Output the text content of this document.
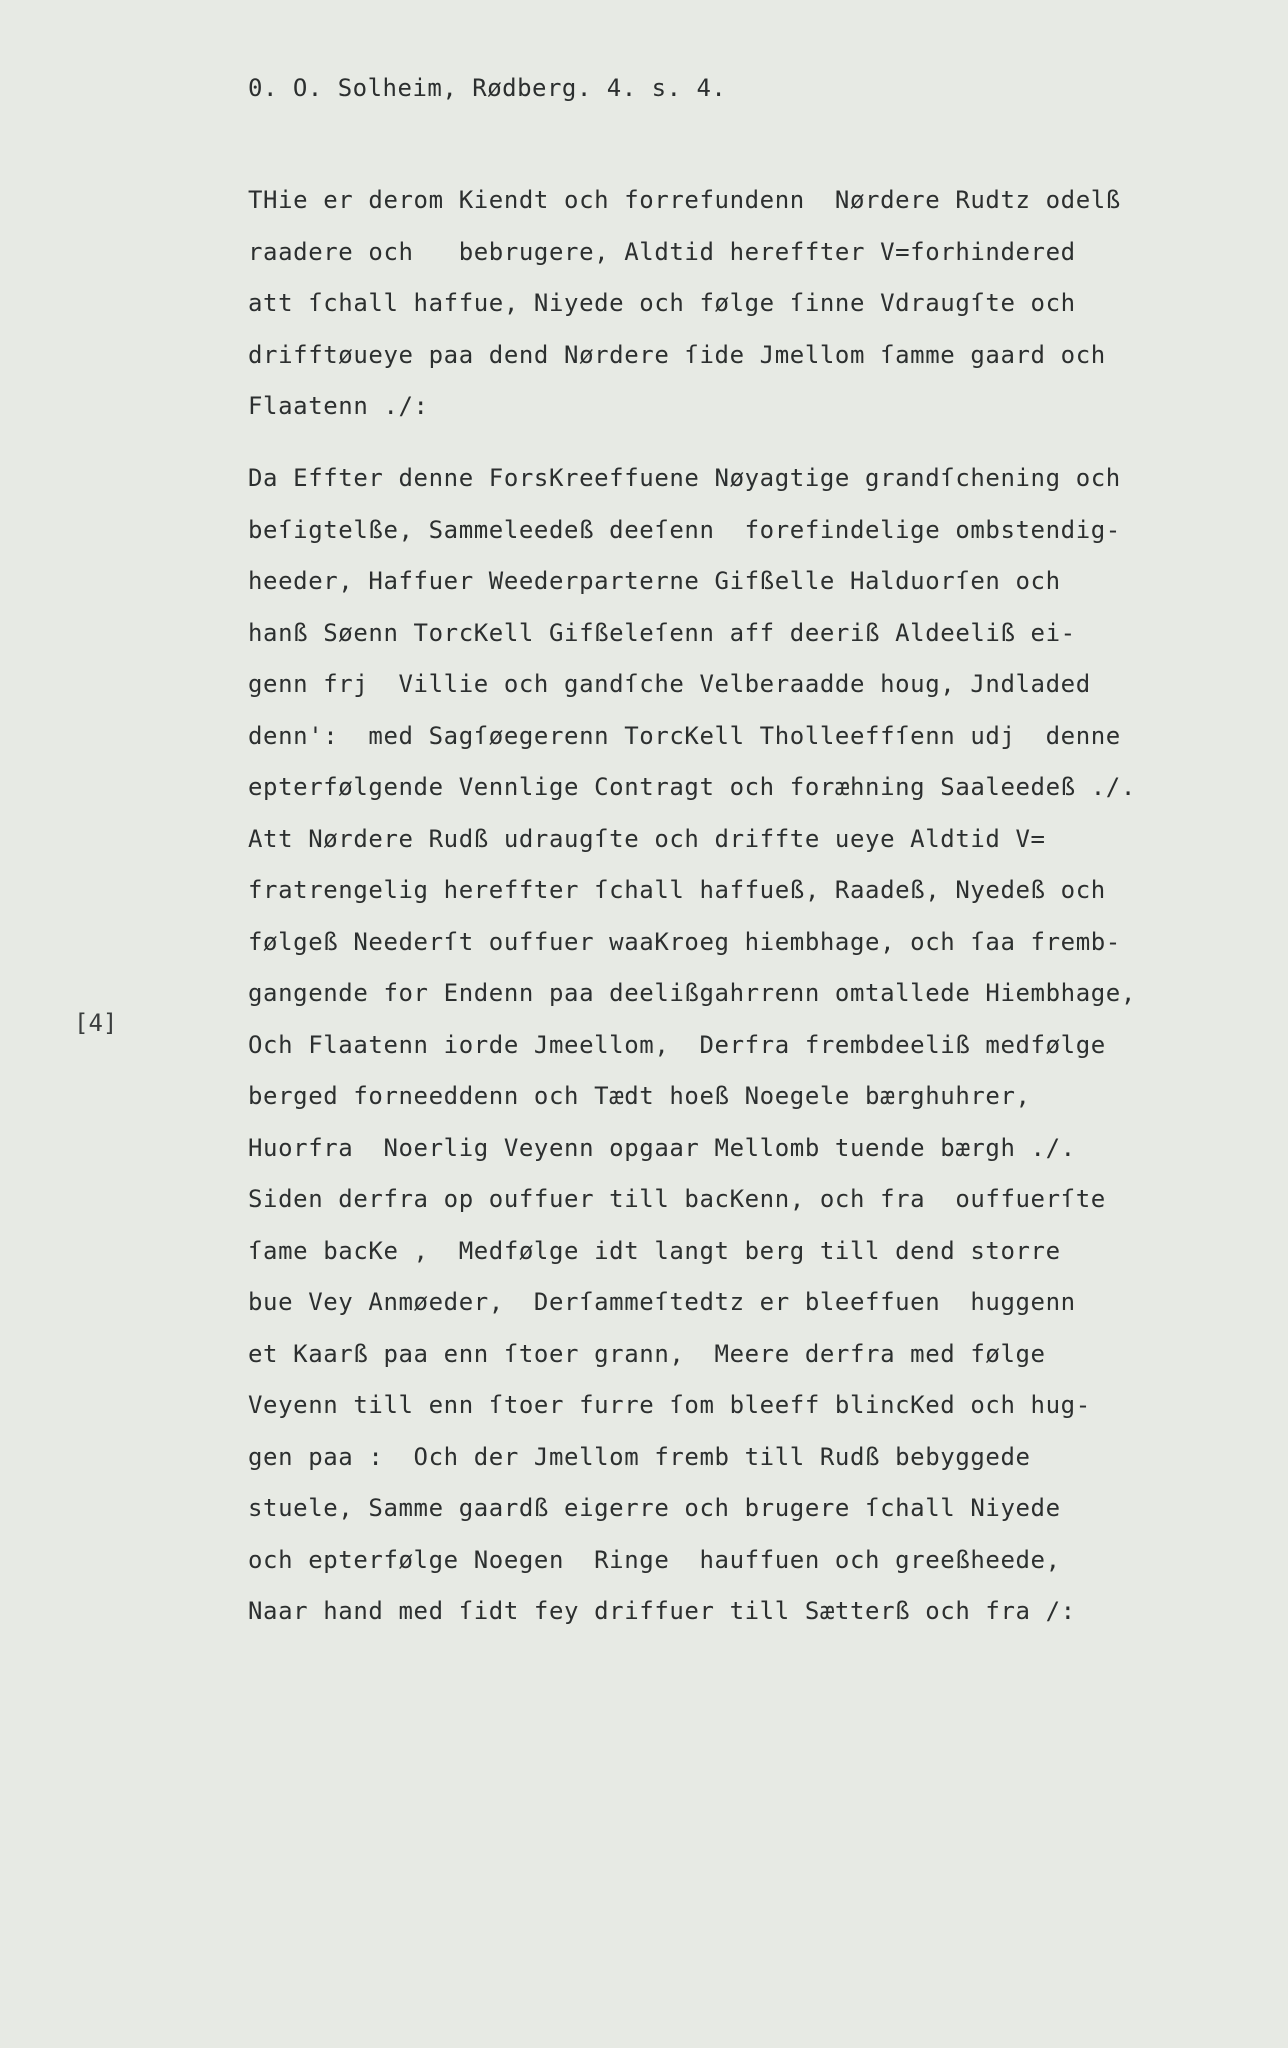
0. O. Solheim, Rødberg. 4. s. 4.
[4]
THie er derom Kiendt och forrefundenn  Nørdere Rudtz odelß
raadere och   bebrugere, Aldtid hereffter V=forhindered
att ſchall haffue, Niyede och følge ſinne Vdraugſte och
drifftøueye paa dend Nørdere ſide Jmellom ſamme gaard och
Flaatenn ./:
Da Effter denne ForsKreeffuene Nøyagtige grandſchening och
beſigtelße, Sammeleedeß deeſenn  forefindelige ombstendig-
heeder, Haffuer Weederparterne Gifßelle Halduorſen och
hanß Søenn TorcKell Gifßeleſenn aff deeriß Aldeeliß ei-
genn frj  Villie och gandſche Velberaadde houg, Jndladed
denn':  med Sagſøegerenn TorcKell Tholleeffſenn udj  denne
epterfølgende Vennlige Contragt och foræhning Saaleedeß ./.
Att Nørdere Rudß udraugſte och driffte ueye Aldtid V=
fratrengelig hereffter ſchall haffueß, Raadeß, Nyedeß och
følgeß Neederſt ouffuer waaKroeg hiembhage, och ſaa fremb-
gangende for Endenn paa deelißgahrrenn omtallede Hiembhage,
Och Flaatenn iorde Jmeellom,  Derfra frembdeeliß medfølge
berged forneeddenn och Tædt hoeß Noegele bærghuhrer,
Huorfra  Noerlig Veyenn opgaar Mellomb tuende bærgh ./.
Siden derfra op ouffuer till bacKenn, och fra  ouffuerſte
ſame bacKe ,  Medfølge idt langt berg till dend storre
bue Vey Anmøeder,  Derſammeſtedtz er bleeffuen  huggenn
et Kaarß paa enn ſtoer grann,  Meere derfra med følge
Veyenn till enn ſtoer furre ſom bleeff blincKed och hug-
gen paa :  Och der Jmellom fremb till Rudß bebyggede
stuele, Samme gaardß eigerre och brugere ſchall Niyede
och epterfølge Noegen  Ringe  hauffuen och greeßheede,
Naar hand med ſidt fey driffuer till Sætterß och fra /:
